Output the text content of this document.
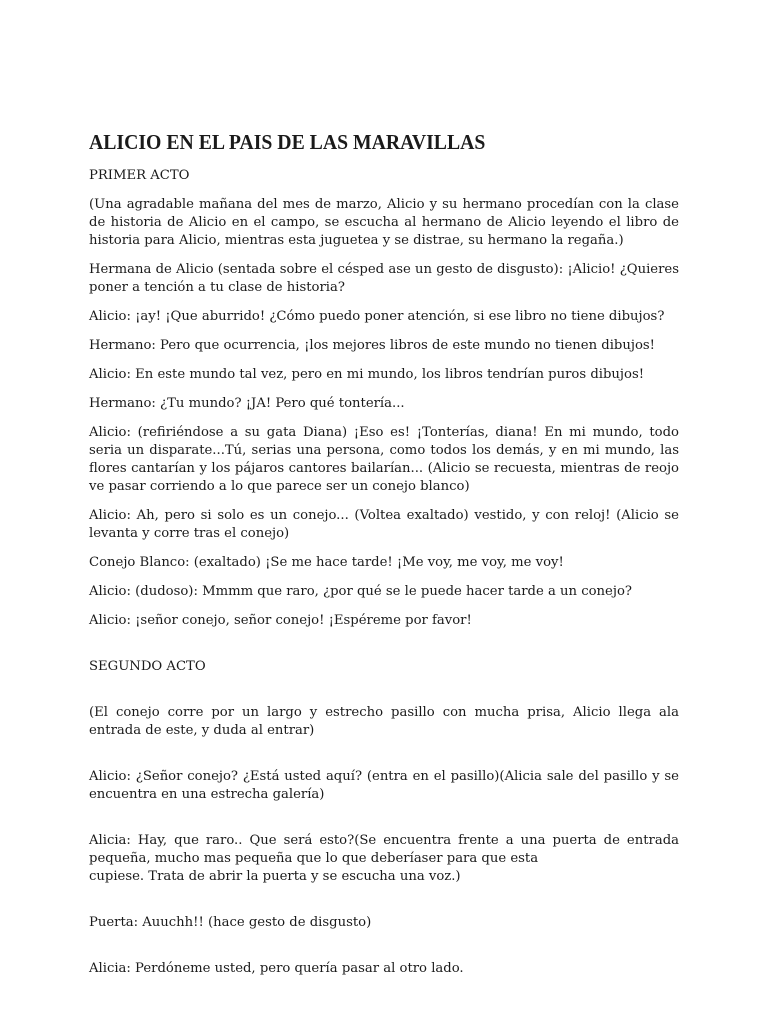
ALICIO EN EL PAIS DE LAS MARAVILLAS

PRIMER ACTO

(Una agradable mañana del mes de marzo, Alicio y su hermano procedían con la clase de historia de Alicio en el campo, se escucha al hermano de Alicio leyendo el libro de historia para Alicio, mientras esta juguetea y se distrae, su hermano la regaña.)

Hermana de Alicio (sentada sobre el césped ase un gesto de disgusto): ¡Alicio! ¿Quieres poner a tención a tu clase de historia?

Alicio: ¡ay! ¡Que aburrido! ¿Cómo puedo poner atención, si ese libro no tiene dibujos?

Hermano: Pero que ocurrencia, ¡los mejores libros de este mundo no tienen dibujos!

Alicio: En este mundo tal vez, pero en mi mundo, los libros tendrían puros dibujos!

Hermano: ¿Tu mundo? ¡JA! Pero qué tontería...

Alicio: (refiriéndose a su gata Diana) ¡Eso es! ¡Tonterías, diana! En mi mundo, todo seria un disparate...Tú, serias una persona, como todos los demás, y en mi mundo, las flores cantarían y los pájaros cantores bailarían... (Alicio se recuesta, mientras de reojo ve pasar corriendo a lo que parece ser un conejo blanco)

Alicio: Ah, pero si solo es un conejo... (Voltea exaltado) vestido, y con reloj! (Alicio se levanta y corre tras el conejo)

Conejo Blanco: (exaltado) ¡Se me hace tarde! ¡Me voy, me voy, me voy!

Alicio: (dudoso): Mmmm que raro, ¿por qué se le puede hacer tarde a un conejo?

Alicio: ¡señor conejo, señor conejo! ¡Espéreme por favor!

SEGUNDO ACTO

(El conejo corre por un largo y estrecho pasillo con mucha prisa, Alicio llega ala entrada de este, y duda al entrar)

Alicio: ¿Señor conejo? ¿Está usted aquí? (entra en el pasillo)(Alicia sale del pasillo y se encuentra en una estrecha galería)

Alicia: Hay, que raro.. Que será esto?(Se encuentra frente a una puerta de entrada pequeña, mucho mas pequeña que lo que deberíaser para que esta

cupiese. Trata de abrir la puerta y se escucha una voz.)

Puerta: Auuchh!! (hace gesto de disgusto)

Alicia: Perdóneme usted, pero quería pasar al otro lado.
